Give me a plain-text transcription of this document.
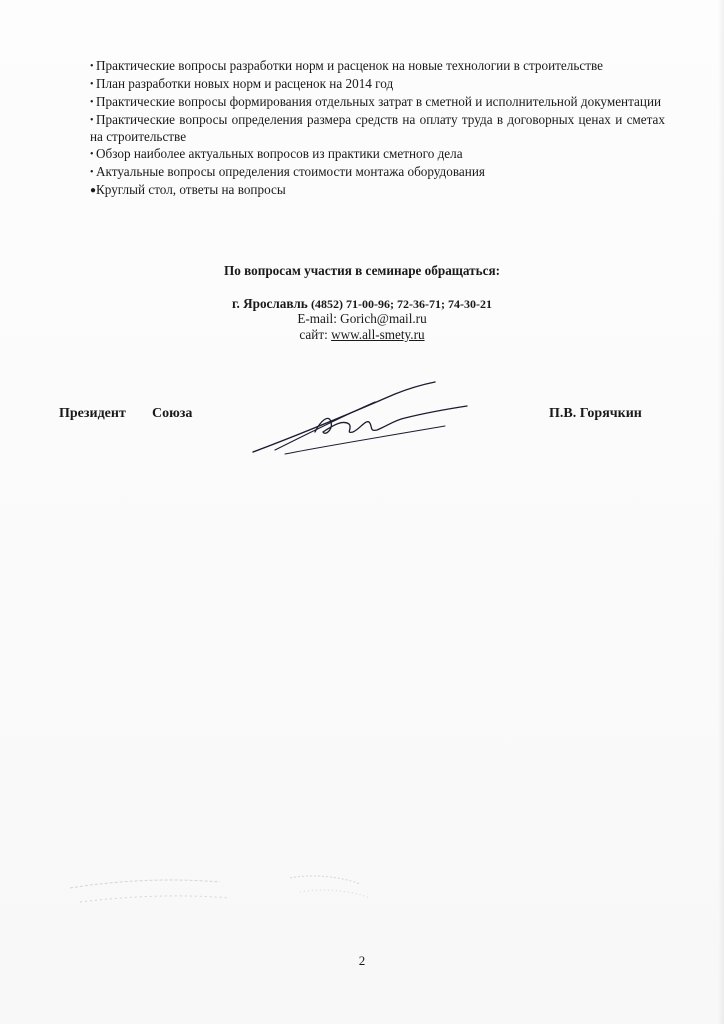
• Практические вопросы разработки норм и расценок на новые технологии в строительстве
• План разработки новых норм и расценок на 2014 год
• Практические вопросы формирования отдельных затрат в сметной и исполнительной документации
• Практические вопросы определения размера средств на оплату труда в договорных ценах и сметах на строительстве
• Обзор наиболее актуальных вопросов из практики сметного дела
• Актуальные вопросы определения стоимости монтажа оборудования
●Круглый стол, ответы на вопросы
По вопросам участия в семинаре обращаться:
г. Ярославль (4852) 71-00-96; 72-36-71; 74-30-21
E-mail: Gorich@mail.ru
сайт: www.all-smety.ru
Президент Союза	П.В. Горячкин
2
